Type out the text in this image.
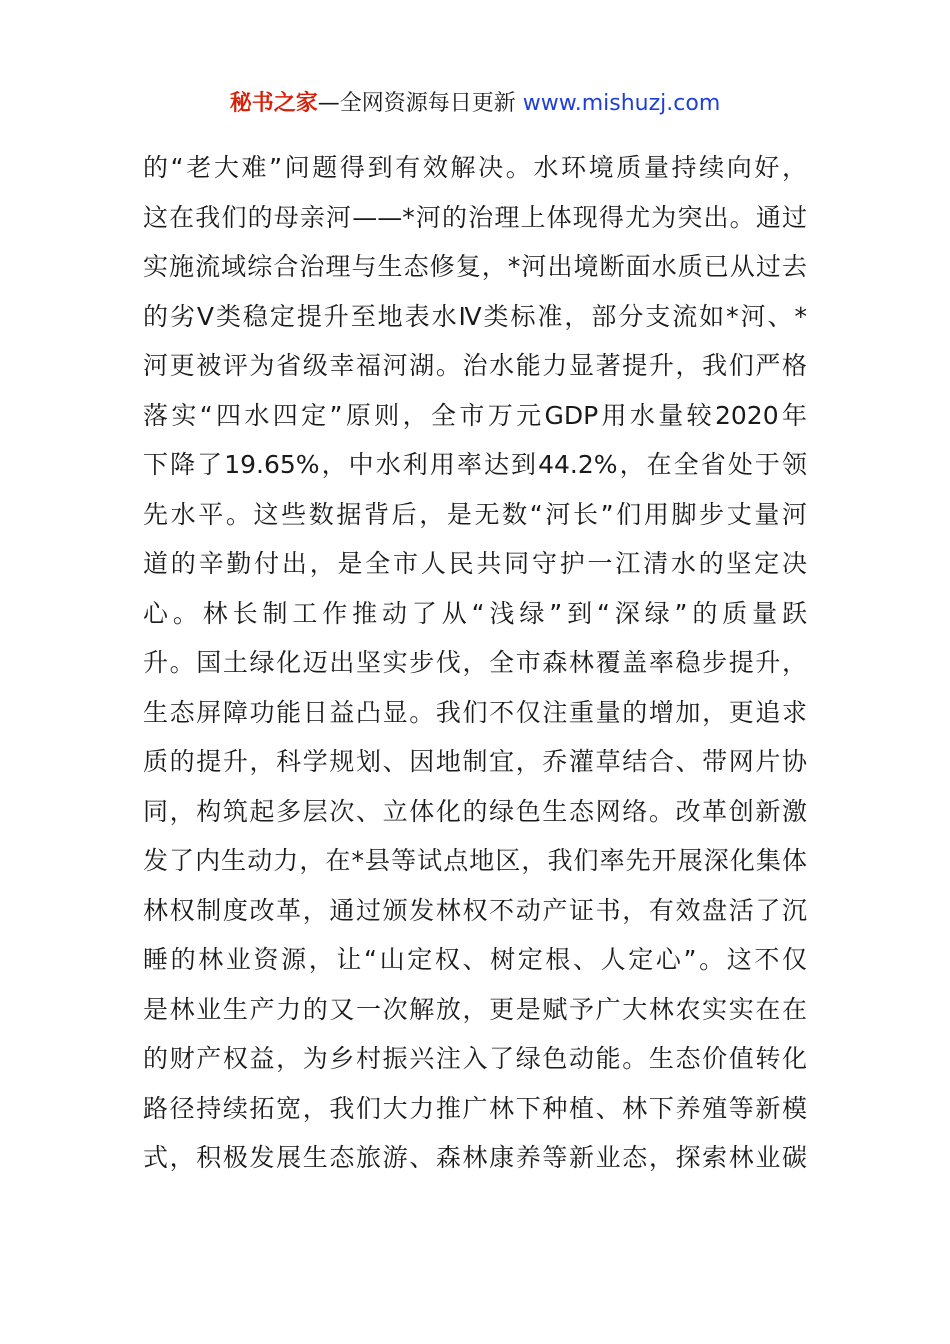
秘书之家—全网资源每日更新 www.mishuzj.com
的“老大难”问题得到有效解决。水环境质量持续向好，
这在我们的母亲河——*河的治理上体现得尤为突出。通过
实施流域综合治理与生态修复，*河出境断面水质已从过去
的劣Ⅴ类稳定提升至地表水Ⅳ类标准，部分支流如*河、*
河更被评为省级幸福河湖。治水能力显著提升，我们严格
落实“四水四定”原则，全市万元GDP用水量较2020年
下降了19.65%，中水利用率达到44.2%，在全省处于领
先水平。这些数据背后，是无数“河长”们用脚步丈量河
道的辛勤付出，是全市人民共同守护一江清水的坚定决
心。林长制工作推动了从“浅绿”到“深绿”的质量跃
升。国土绿化迈出坚实步伐，全市森林覆盖率稳步提升，
生态屏障功能日益凸显。我们不仅注重量的增加，更追求
质的提升，科学规划、因地制宜，乔灌草结合、带网片协
同，构筑起多层次、立体化的绿色生态网络。改革创新激
发了内生动力，在*县等试点地区，我们率先开展深化集体
林权制度改革，通过颁发林权不动产证书，有效盘活了沉
睡的林业资源，让“山定权、树定根、人定心”。这不仅
是林业生产力的又一次解放，更是赋予广大林农实实在在
的财产权益，为乡村振兴注入了绿色动能。生态价值转化
路径持续拓宽，我们大力推广林下种植、林下养殖等新模
式，积极发展生态旅游、森林康养等新业态，探索林业碳
